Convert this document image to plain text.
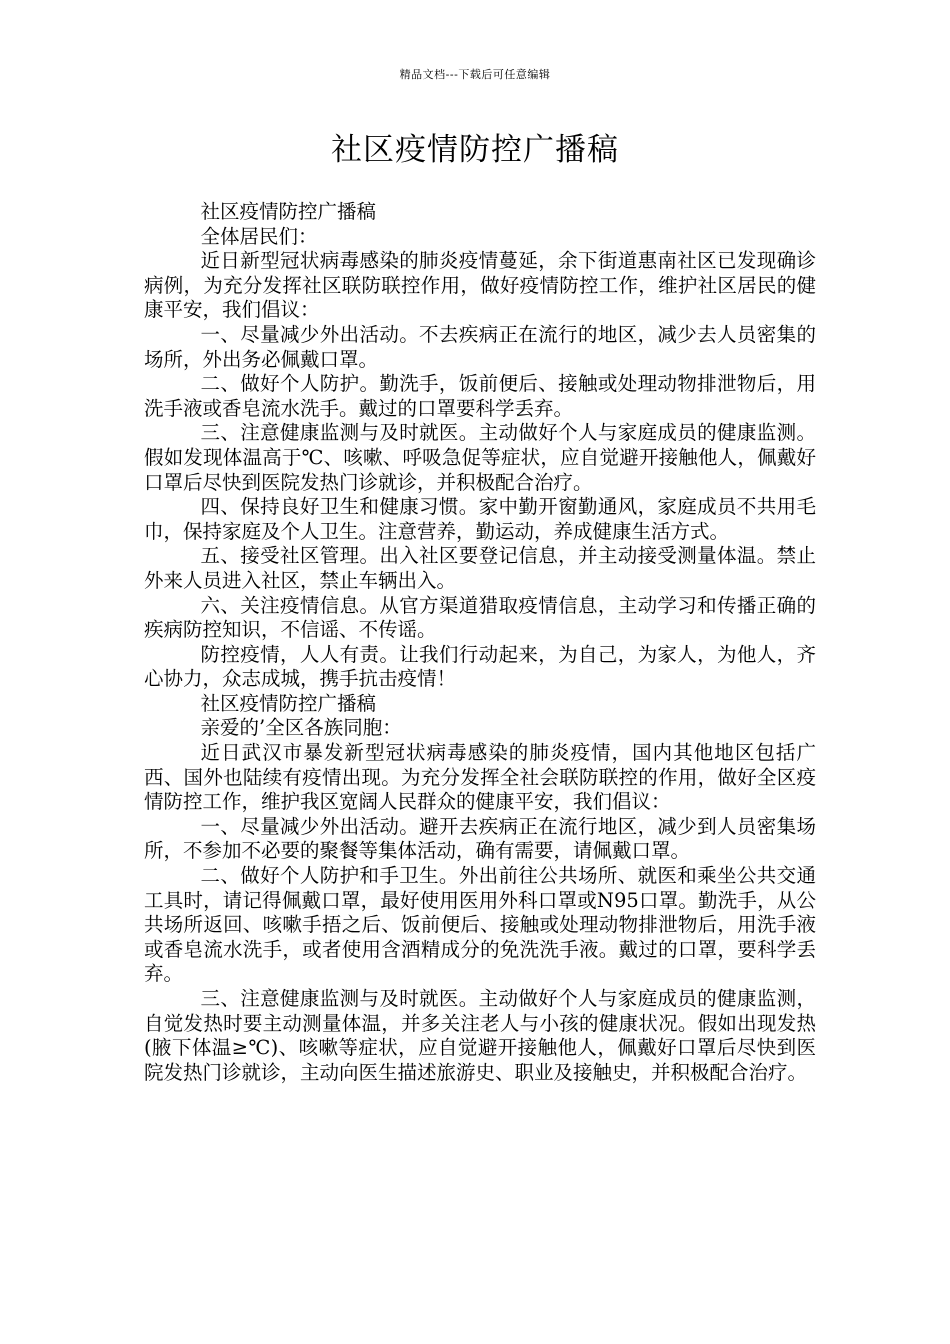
精品文档---下载后可任意编辑
社区疫情防控广播稿

社区疫情防控广播稿

全体居民们：

近日新型冠状病毒感染的肺炎疫情蔓延，余下街道惠南社区已发现确诊病例，为充分发挥社区联防联控作用，做好疫情防控工作，维护社区居民的健康平安，我们倡议：

一、尽量减少外出活动。不去疾病正在流行的地区，减少去人员密集的场所，外出务必佩戴口罩。

二、做好个人防护。勤洗手，饭前便后、接触或处理动物排泄物后，用洗手液或香皂流水洗手。戴过的口罩要科学丢弃。

三、注意健康监测与及时就医。主动做好个人与家庭成员的健康监测。假如发现体温高于℃、咳嗽、呼吸急促等症状，应自觉避开接触他人，佩戴好口罩后尽快到医院发热门诊就诊，并积极配合治疗。

四、保持良好卫生和健康习惯。家中勤开窗勤通风，家庭成员不共用毛巾，保持家庭及个人卫生。注意营养，勤运动，养成健康生活方式。

五、接受社区管理。出入社区要登记信息，并主动接受测量体温。禁止外来人员进入社区，禁止车辆出入。

六、关注疫情信息。从官方渠道猎取疫情信息，主动学习和传播正确的疾病防控知识，不信谣、不传谣。

防控疫情，人人有责。让我们行动起来，为自己，为家人，为他人，齐心协力，众志成城，携手抗击疫情！

社区疫情防控广播稿

亲爱的’全区各族同胞：

近日武汉市暴发新型冠状病毒感染的肺炎疫情，国内其他地区包括广西、国外也陆续有疫情出现。为充分发挥全社会联防联控的作用，做好全区疫情防控工作，维护我区宽阔人民群众的健康平安，我们倡议：

一、尽量减少外出活动。避开去疾病正在流行地区，减少到人员密集场所，不参加不必要的聚餐等集体活动，确有需要，请佩戴口罩。

二、做好个人防护和手卫生。外出前往公共场所、就医和乘坐公共交通工具时，请记得佩戴口罩，最好使用医用外科口罩或N95口罩。勤洗手，从公共场所返回、咳嗽手捂之后、饭前便后、接触或处理动物排泄物后，用洗手液或香皂流水洗手，或者使用含酒精成分的免洗洗手液。戴过的口罩，要科学丢弃。

三、注意健康监测与及时就医。主动做好个人与家庭成员的健康监测，自觉发热时要主动测量体温，并多关注老人与小孩的健康状况。假如出现发热(腋下体温≥℃)、咳嗽等症状，应自觉避开接触他人，佩戴好口罩后尽快到医院发热门诊就诊，主动向医生描述旅游史、职业及接触史，并积极配合治疗。
